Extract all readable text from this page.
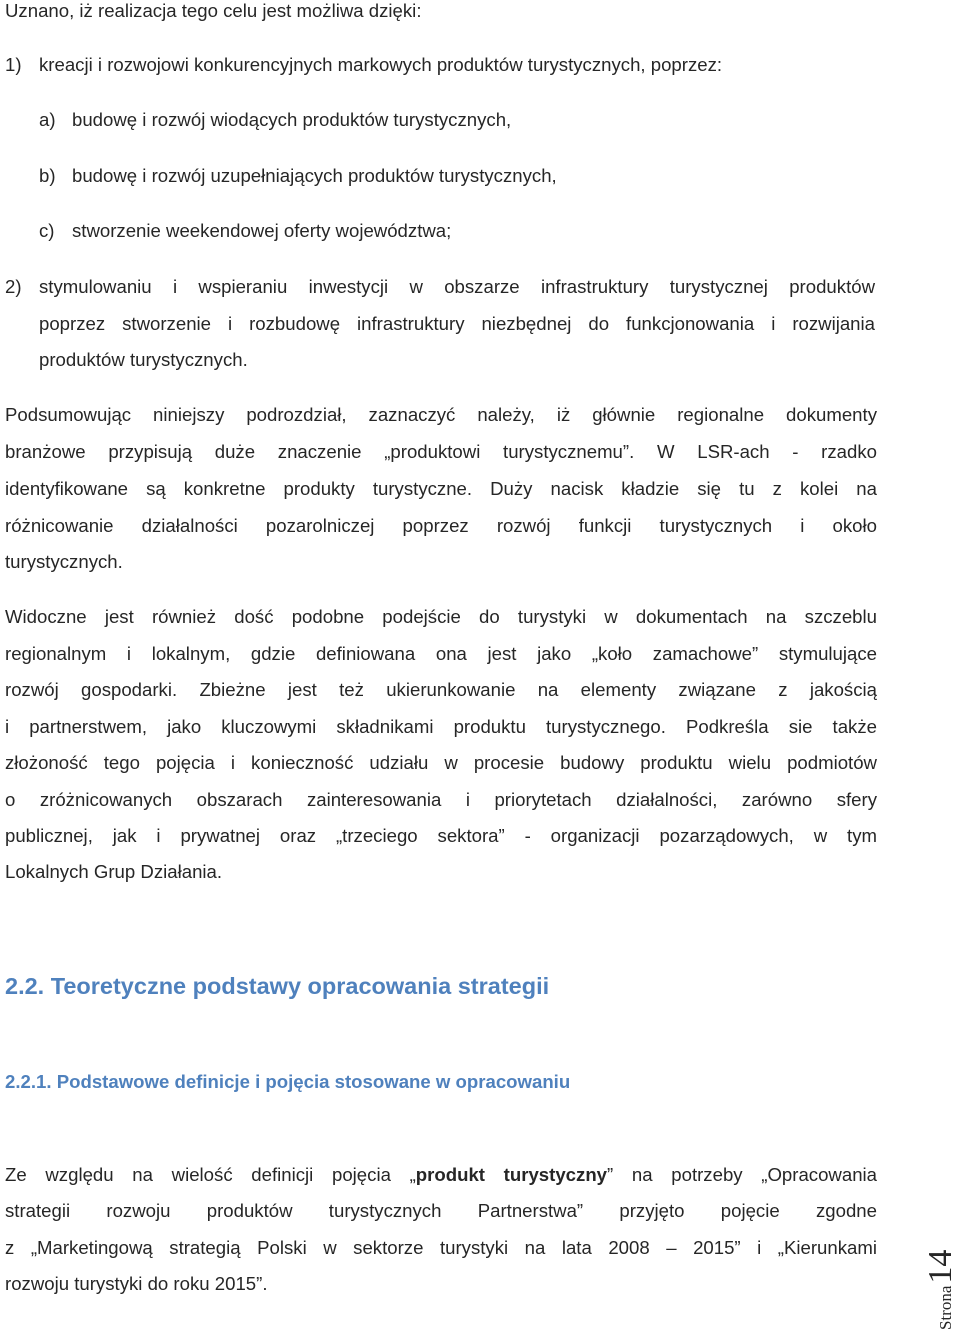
Uznano, iż realizacja tego celu jest możliwa dzięki:
1) kreacji i rozwojowi konkurencyjnych markowych produktów turystycznych, poprzez:
a) budowę i rozwój wiodących produktów turystycznych,
b) budowę i rozwój uzupełniających produktów turystycznych,
c) stworzenie weekendowej oferty województwa;
2) stymulowaniu i wspieraniu inwestycji w obszarze infrastruktury turystycznej produktów
poprzez stworzenie i rozbudowę infrastruktury niezbędnej do funkcjonowania i rozwijania
produktów turystycznych.
Podsumowując niniejszy podrozdział, zaznaczyć należy, iż głównie regionalne dokumenty
branżowe przypisują duże znaczenie „produktowi turystycznemu”. W LSR-ach - rzadko
identyfikowane są konkretne produkty turystyczne. Duży nacisk kładzie się tu z kolei na
różnicowanie działalności pozarolniczej poprzez rozwój funkcji turystycznych i około
turystycznych.
Widoczne jest również dość podobne podejście do turystyki w dokumentach na szczeblu
regionalnym i lokalnym, gdzie definiowana ona jest jako „koło zamachowe” stymulujące
rozwój gospodarki. Zbieżne jest też ukierunkowanie na elementy związane z jakością
i partnerstwem, jako kluczowymi składnikami produktu turystycznego. Podkreśla sie także
złożoność tego pojęcia i konieczność udziału w procesie budowy produktu wielu podmiotów
o zróżnicowanych obszarach zainteresowania i priorytetach działalności, zarówno sfery
publicznej, jak i prywatnej oraz „trzeciego sektora” - organizacji pozarządowych, w tym
Lokalnych Grup Działania.
2.2. Teoretyczne podstawy opracowania strategii
2.2.1. Podstawowe definicje i pojęcia stosowane w opracowaniu
Ze względu na wielość definicji pojęcia „produkt turystyczny” na potrzeby „Opracowania
strategii rozwoju produktów turystycznych Partnerstwa” przyjęto pojęcie zgodne
z „Marketingową strategią Polski w sektorze turystyki na lata 2008 – 2015” i „Kierunkami
rozwoju turystyki do roku 2015”.
Strona
14
